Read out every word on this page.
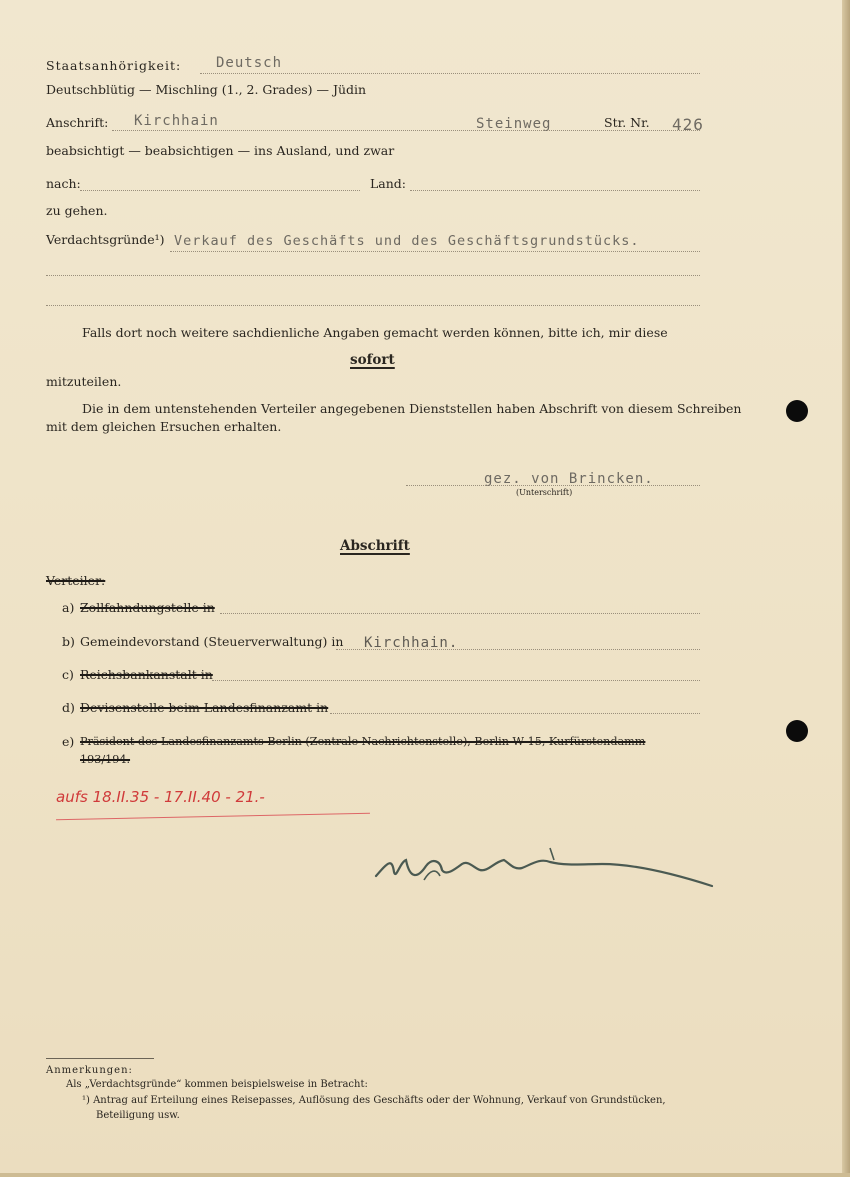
Staatsanhörigkeit: Deutsch
Deutschblütig — Mischling (1., 2. Grades) — Jüdin
Anschrift: Kirchhain	Steinweg	Str. Nr. 426
beabsichtigt — beabsichtigen — ins Ausland, und zwar
nach:	Land:
zu gehen.
Verdachtsgründe¹) Verkauf des Geschäfts und des Geschäftsgrundstücks.
Falls dort noch weitere sachdienliche Angaben gemacht werden können, bitte ich, mir diese
sofort
mitzuteilen.
Die in dem untenstehenden Verteiler angegebenen Dienststellen haben Abschrift von diesem Schreiben
mit dem gleichen Ersuchen erhalten.
gez. von Brincken.
(Unterschrift)
Abschrift
Verteiler:
a) Zollfahndungstelle in
b) Gemeindevorstand (Steuerverwaltung) in Kirchhain.
c) Reichsbankanstalt in
d) Devisenstelle beim Landesfinanzamt in
e) Präsident des Landesfinanzamts Berlin (Zentrale Nachrichtenstelle), Berlin W 15, Kurfürstendamm
193/194.
aufs 18.II.35 - 17.II.40 - 21.-
Anmerkungen:
Als „Verdachtsgründe“ kommen beispielsweise in Betracht:
¹) Antrag auf Erteilung eines Reisepasses, Auflösung des Geschäfts oder der Wohnung, Verkauf von Grundstücken,
Beteiligung usw.
